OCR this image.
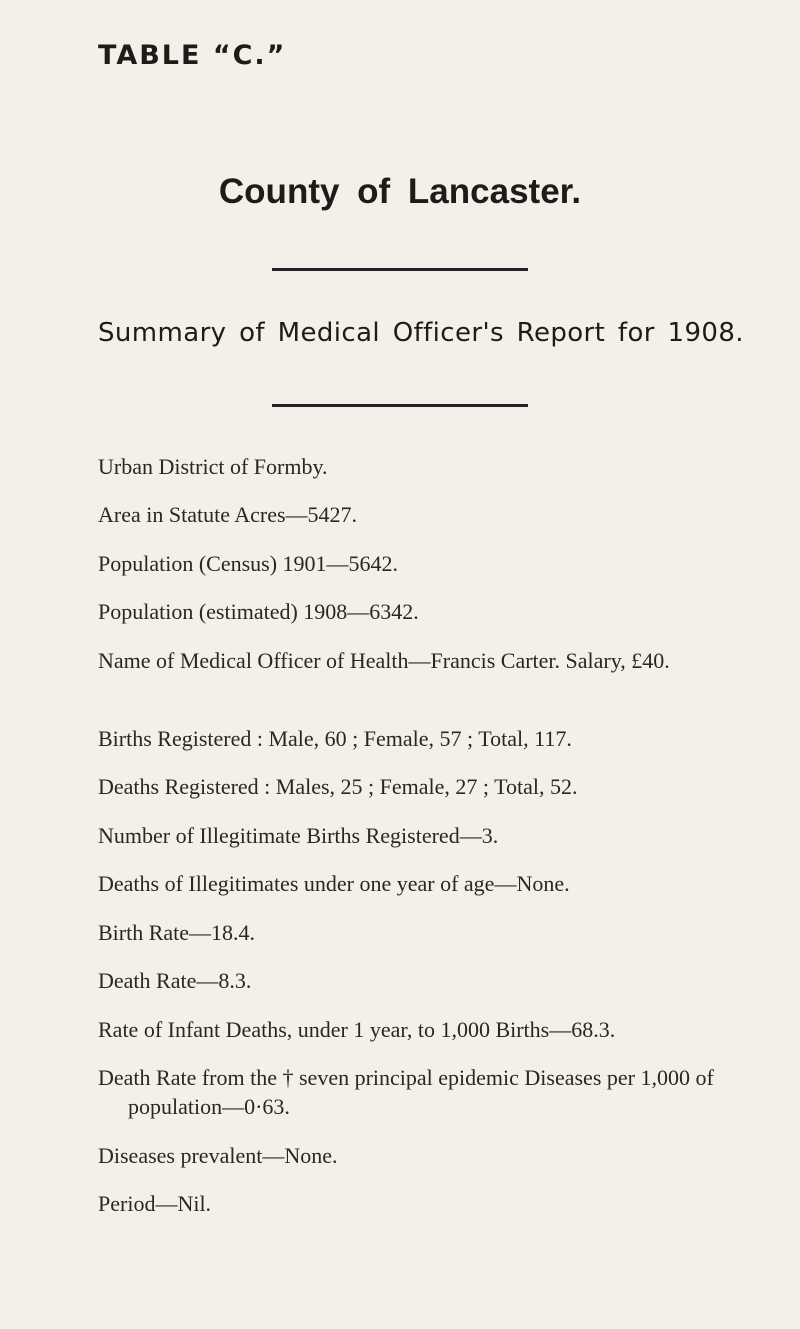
TABLE “C.”
County of Lancaster.
Summary of Medical Officer's Report for 1908.
Urban District of Formby.
Area in Statute Acres—5427.
Population (Census) 1901—5642.
Population (estimated) 1908—6342.
Name of Medical Officer of Health—Francis Carter. Salary, £40.
Births Registered : Male, 60 ; Female, 57 ; Total, 117.
Deaths Registered : Males, 25 ; Female, 27 ; Total, 52.
Number of Illegitimate Births Registered—3.
Deaths of Illegitimates under one year of age—None.
Birth Rate—18.4.
Death Rate—8.3.
Rate of Infant Deaths, under 1 year, to 1,000 Births—68.3.
Death Rate from the † seven principal epidemic Diseases per 1,000 of population—0·63.
Diseases prevalent—None.
Period—Nil.
